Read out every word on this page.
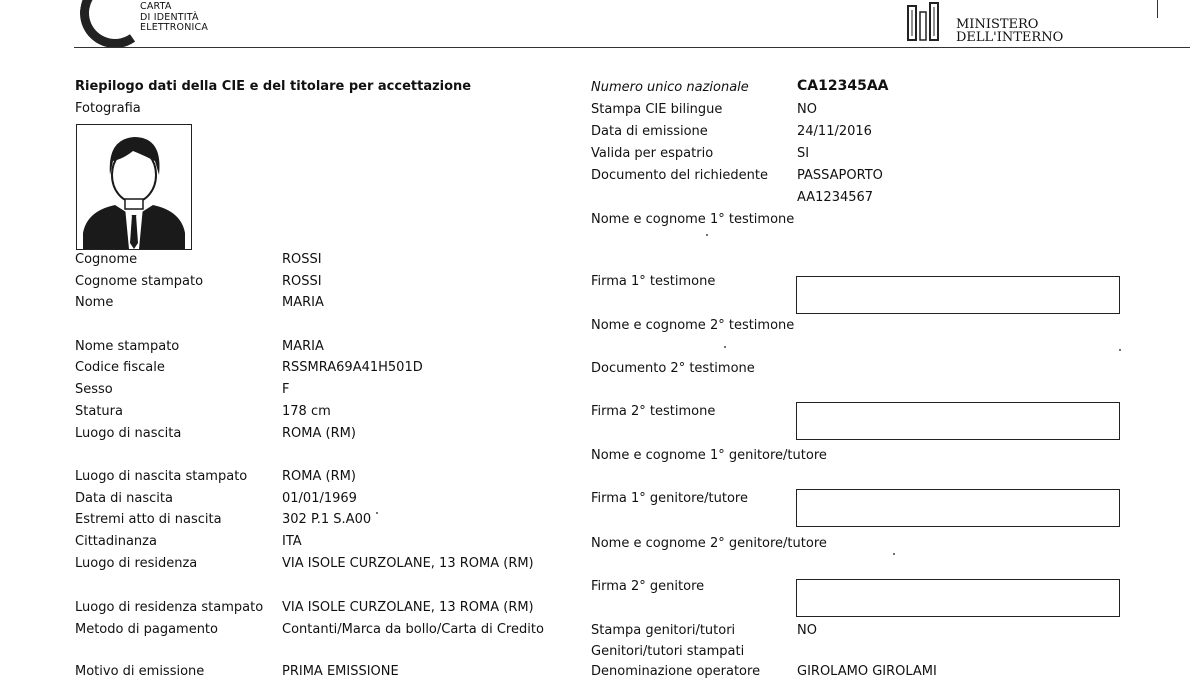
CARTA
DI IDENTITÀ
ELETTRONICA	MINISTERO
DELL'INTERNO
Riepilogo dati della CIE e del titolare per accettazione
Fotografia
Cognome	ROSSI
Cognome stampato	ROSSI
Nome	MARIA
Nome stampato	MARIA
Codice fiscale	RSSMRA69A41H501D
Sesso	F
Statura	178 cm
Luogo di nascita	ROMA (RM)
Luogo di nascita stampato	ROMA (RM)
Data di nascita	01/01/1969
Estremi atto di nascita	302 P.1 S.A00
Cittadinanza	ITA
Luogo di residenza	VIA ISOLE CURZOLANE, 13 ROMA (RM)
Luogo di residenza stampato VIA ISOLE CURZOLANE, 13 ROMA (RM)
Metodo di pagamento	Contanti/Marca da bollo/Carta di Credito
Motivo di emissione	PRIMA EMISSIONE
Numero unico nazionale	CA12345AA
Stampa CIE bilingue	NO
Data di emissione	24/11/2016
Valida per espatrio	SI
Documento del richiedente PASSAPORTO
AA1234567
Nome e cognome 1° testimone
Firma 1° testimone
Nome e cognome 2° testimone
Documento 2° testimone
Firma 2° testimone
Nome e cognome 1° genitore/tutore
Firma 1° genitore/tutore
Nome e cognome 2° genitore/tutore
Firma 2° genitore
Stampa genitori/tutori	NO
Genitori/tutori stampati
Denominazione operatore	GIROLAMO GIROLAMI
